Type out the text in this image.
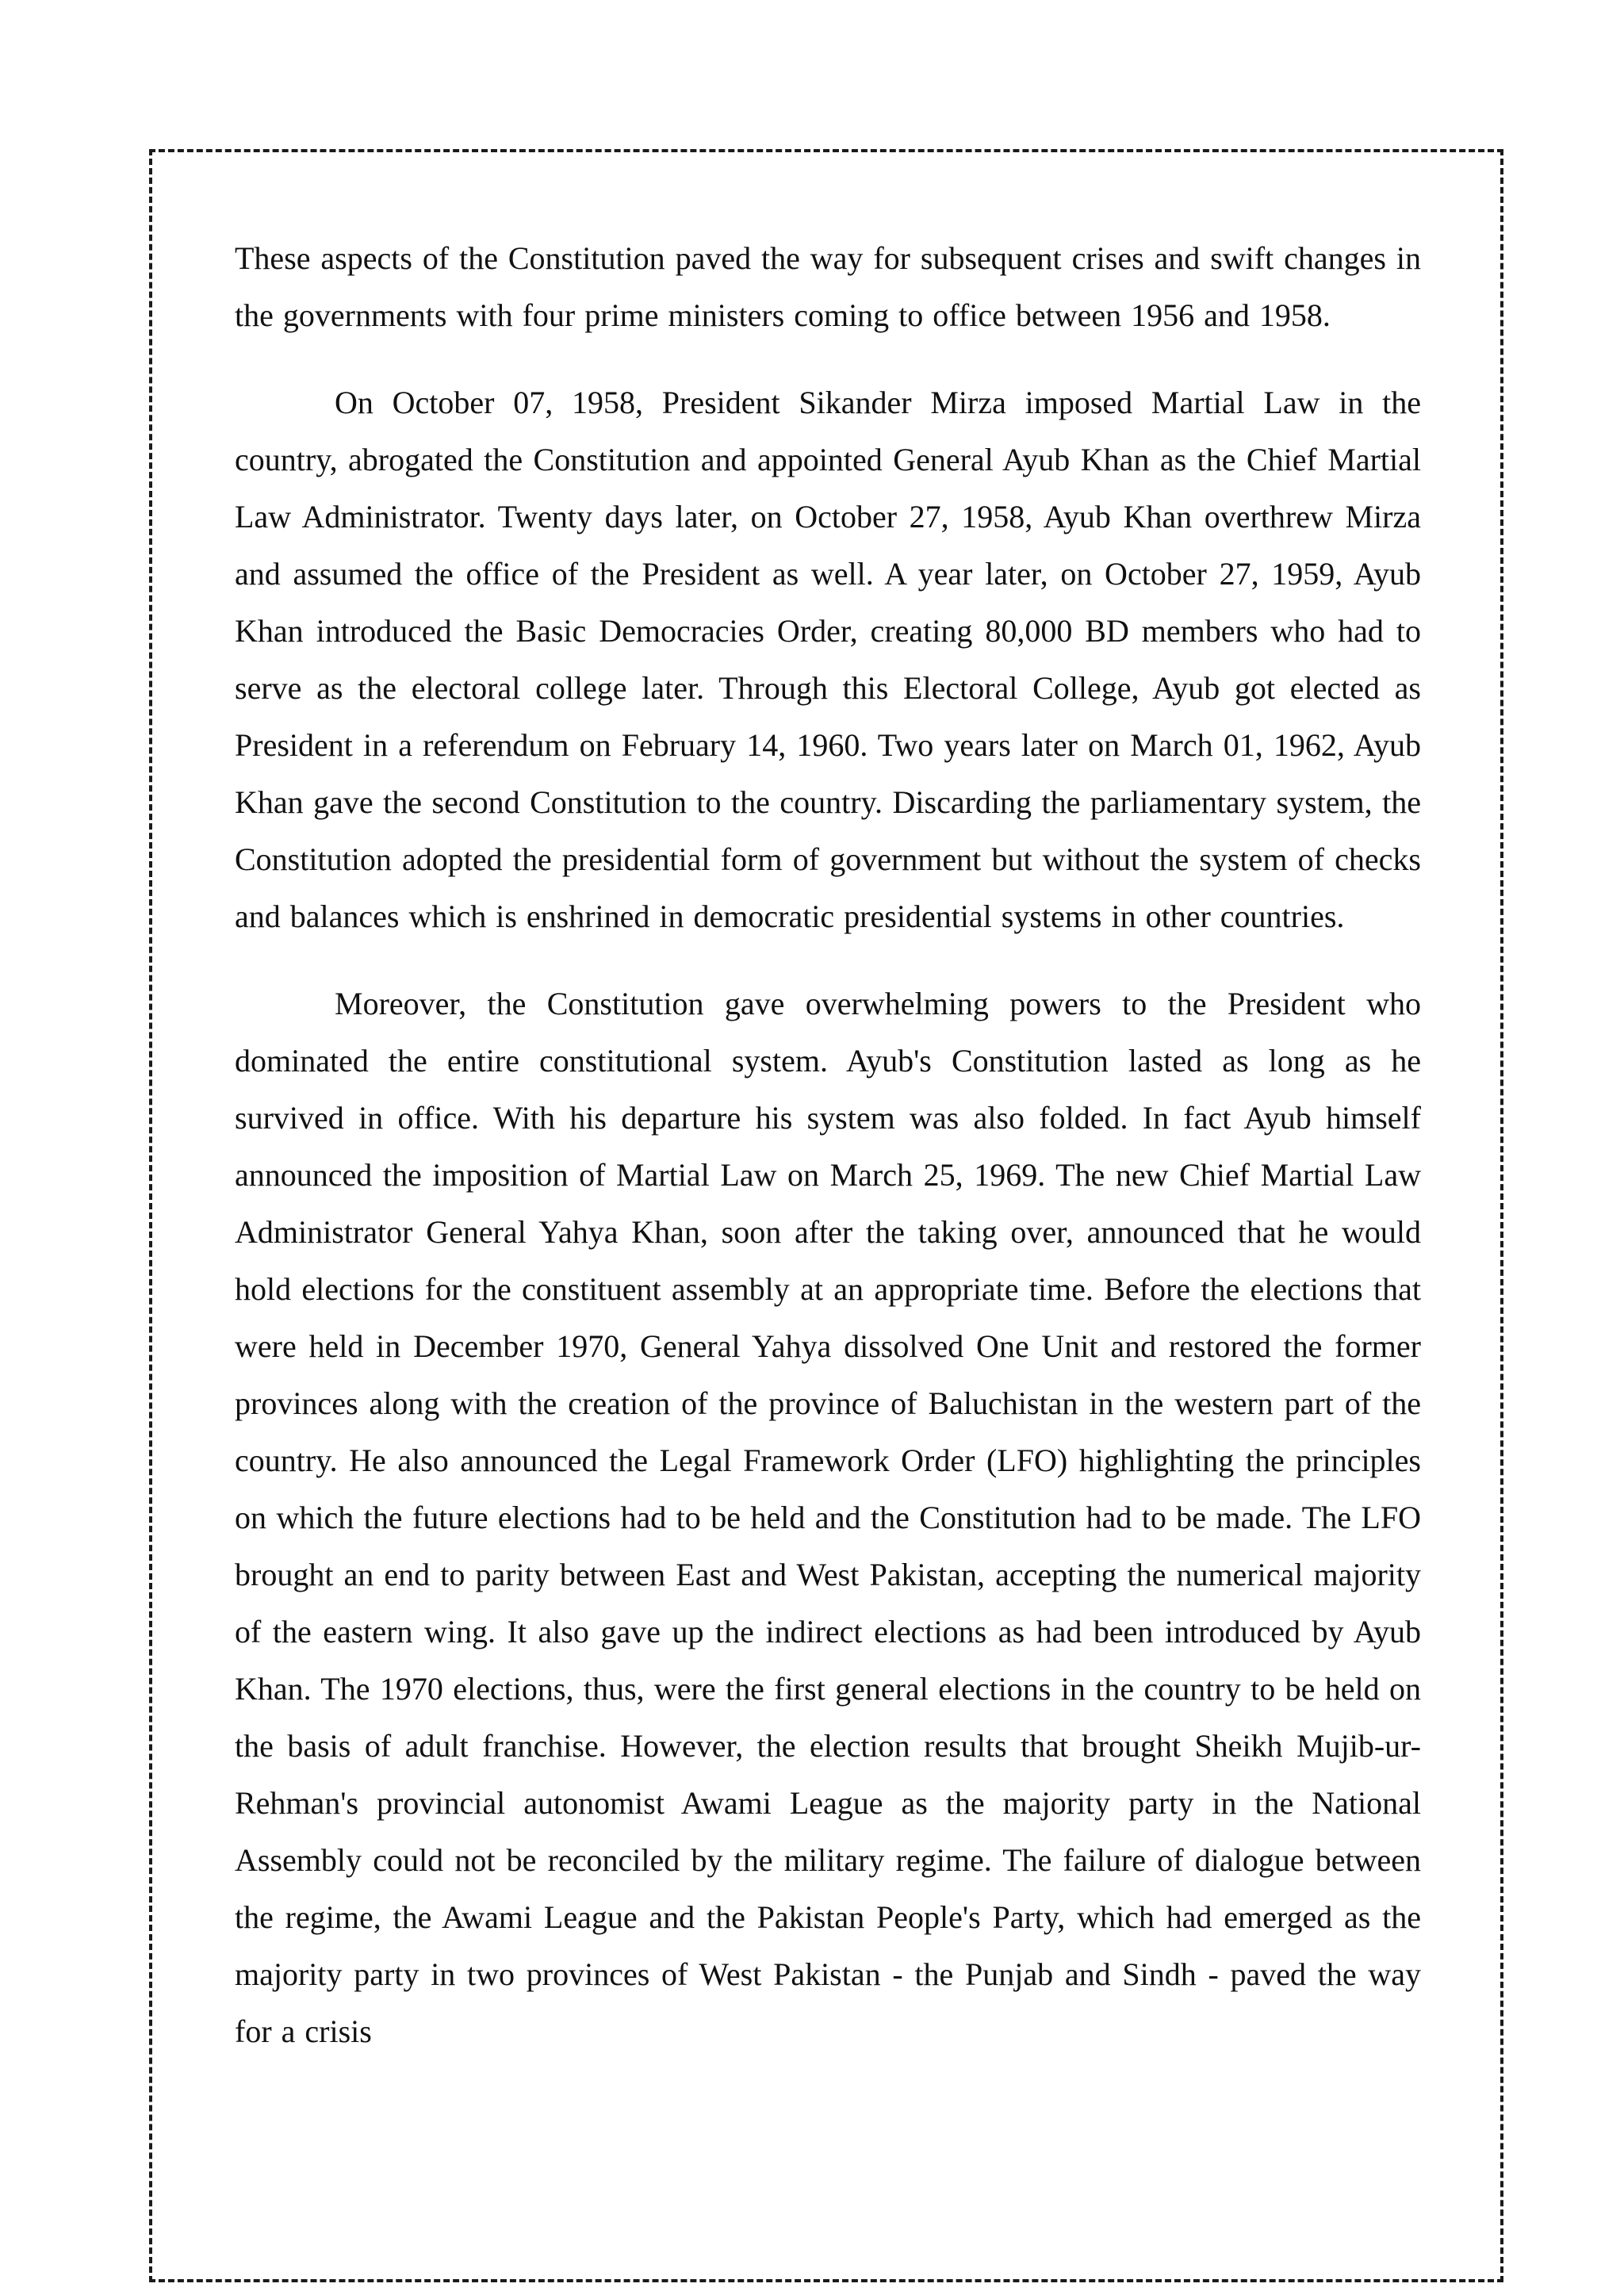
These aspects of the Constitution paved the way for subsequent crises and swift changes in the governments with four prime ministers coming to office between 1956 and 1958.

On October 07, 1958, President Sikander Mirza imposed Martial Law in the country, abrogated the Constitution and appointed General Ayub Khan as the Chief Martial Law Administrator. Twenty days later, on October 27, 1958, Ayub Khan overthrew Mirza and assumed the office of the President as well. A year later, on October 27, 1959, Ayub Khan introduced the Basic Democracies Order, creating 80,000 BD members who had to serve as the electoral college later. Through this Electoral College, Ayub got elected as President in a referendum on February 14, 1960. Two years later on March 01, 1962, Ayub Khan gave the second Constitution to the country. Discarding the parliamentary system, the Constitution adopted the presidential form of government but without the system of checks and balances which is enshrined in democratic presidential systems in other countries.

Moreover, the Constitution gave overwhelming powers to the President who dominated the entire constitutional system. Ayub's Constitution lasted as long as he survived in office. With his departure his system was also folded. In fact Ayub himself announced the imposition of Martial Law on March 25, 1969. The new Chief Martial Law Administrator General Yahya Khan, soon after the taking over, announced that he would hold elections for the constituent assembly at an appropriate time. Before the elections that were held in December 1970, General Yahya dissolved One Unit and restored the former provinces along with the creation of the province of Baluchistan in the western part of the country. He also announced the Legal Framework Order (LFO) highlighting the principles on which the future elections had to be held and the Constitution had to be made. The LFO brought an end to parity between East and West Pakistan, accepting the numerical majority of the eastern wing. It also gave up the indirect elections as had been introduced by Ayub Khan. The 1970 elections, thus, were the first general elections in the country to be held on the basis of adult franchise. However, the election results that brought Sheikh Mujib-ur-Rehman's provincial autonomist Awami League as the majority party in the National Assembly could not be reconciled by the military regime. The failure of dialogue between the regime, the Awami League and the Pakistan People's Party, which had emerged as the majority party in two provinces of West Pakistan - the Punjab and Sindh - paved the way for a crisis
